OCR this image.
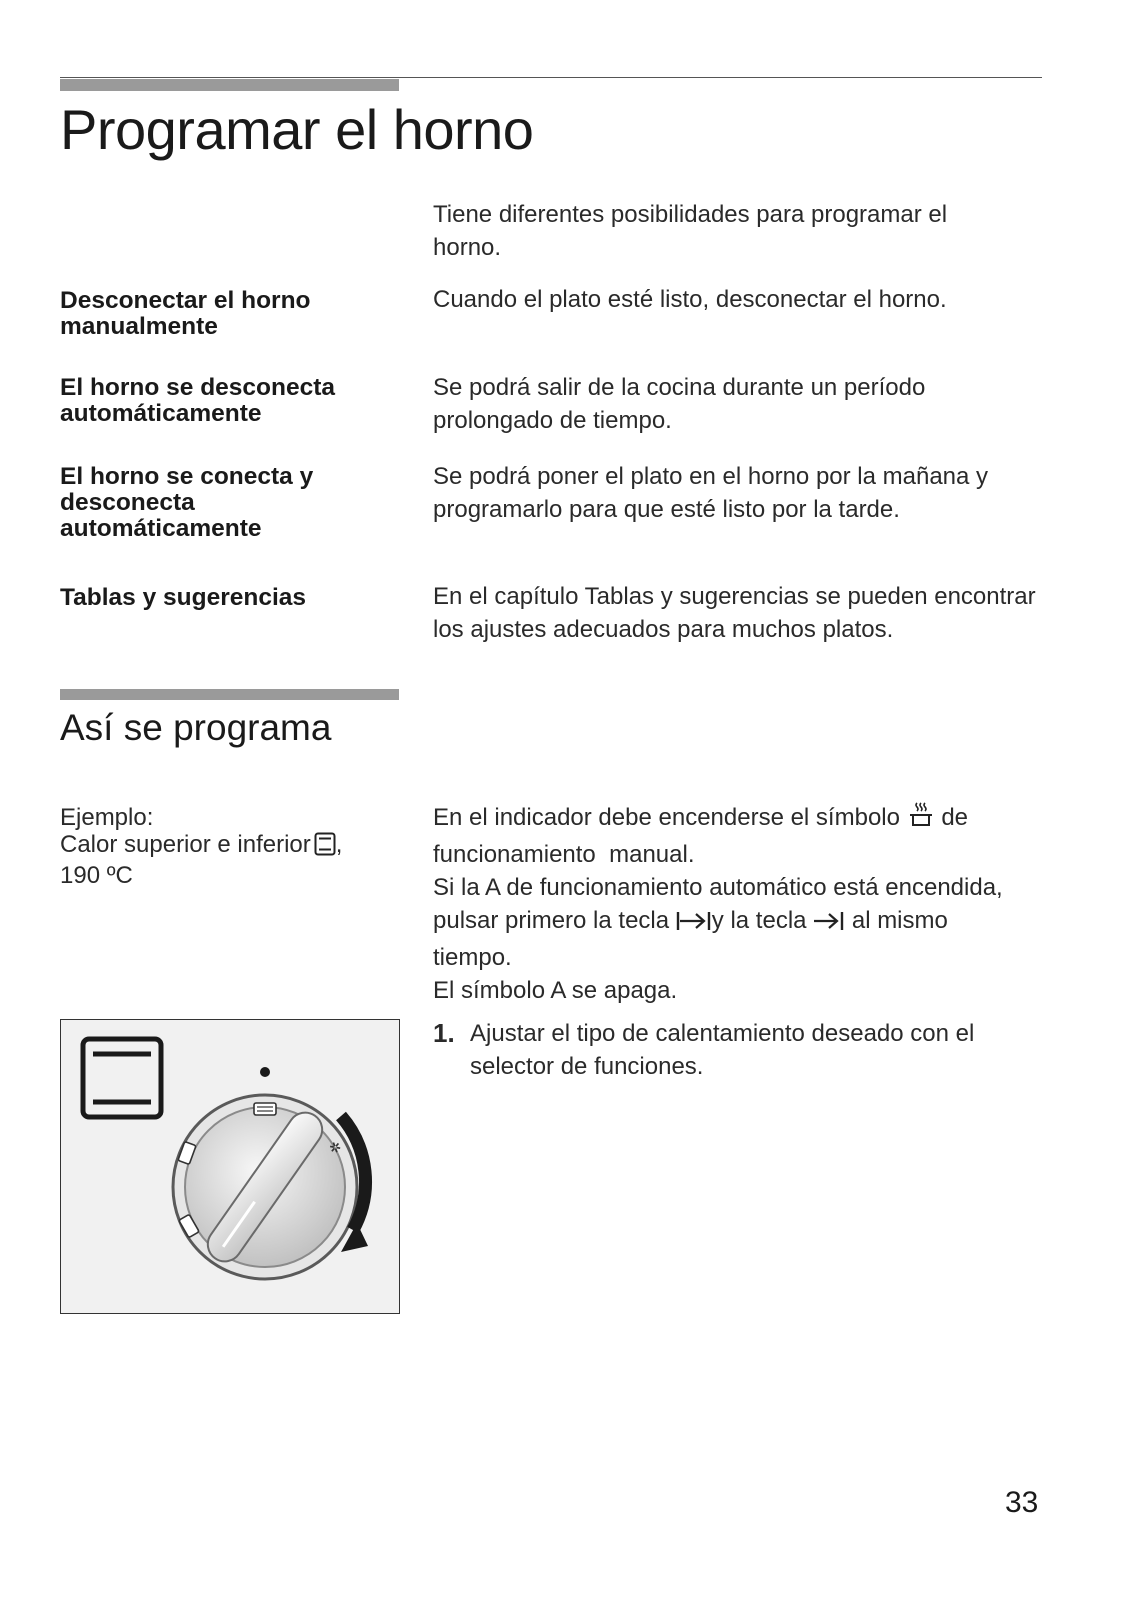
Programar el horno
Tiene diferentes posibilidades para programar el horno.
Desconectar el horno manualmente
Cuando el plato esté listo, desconectar el horno.
El horno se desconecta automáticamente
Se podrá salir de la cocina durante un período prolongado de tiempo.
El horno se conecta y desconecta automáticamente
Se podrá poner el plato en el horno por la mañana y programarlo para que esté listo por la tarde.
Tablas y sugerencias	En el capítulo Tablas y sugerencias se pueden encontrar los ajustes adecuados para muchos platos.
Así se programa
Ejemplo:
Calor superior e inferior ,
190 ºC
En el indicador debe encenderse el símbolo de
funcionamiento  manual.
Si la A de funcionamiento automático está encendida,
pulsar primero la tecla y la tecla al mismo
tiempo.
El símbolo A se apaga.
1. Ajustar el tipo de calentamiento deseado con el
selector de funciones.
✲
33
